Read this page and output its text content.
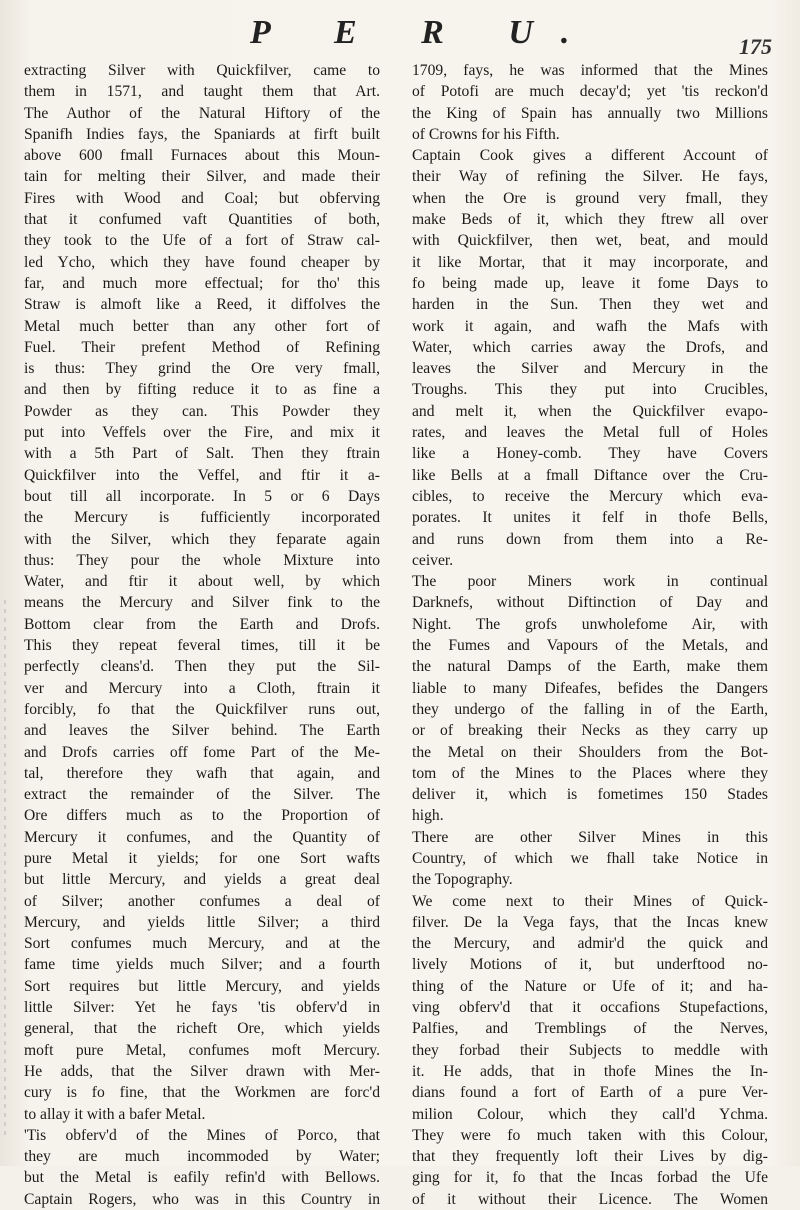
P E R U.	175
extracting Silver with Quickfilver, came to
them in 1571, and taught them that Art.
The Author of the Natural Hiftory of the
Spanifh Indies fays, the Spaniards at firft built
above 600 fmall Furnaces about this Moun-
tain for melting their Silver, and made their
Fires with Wood and Coal; but obferving
that it confumed vaft Quantities of both,
they took to the Ufe of a fort of Straw cal-
led Ycho, which they have found cheaper by
far, and much more effectual; for tho' this
Straw is almoft like a Reed, it diffolves the
Metal much better than any other fort of
Fuel. Their prefent Method of Refining
is thus: They grind the Ore very fmall,
and then by fifting reduce it to as fine a
Powder as they can. This Powder they
put into Veffels over the Fire, and mix it
with a 5th Part of Salt. Then they ftrain
Quickfilver into the Veffel, and ftir it a-
bout till all incorporate. In 5 or 6 Days
the Mercury is fufficiently incorporated
with the Silver, which they feparate again
thus: They pour the whole Mixture into
Water, and ftir it about well, by which
means the Mercury and Silver fink to the
Bottom clear from the Earth and Drofs.
This they repeat feveral times, till it be
perfectly cleans'd. Then they put the Sil-
ver and Mercury into a Cloth, ftrain it
forcibly, fo that the Quickfilver runs out,
and leaves the Silver behind. The Earth
and Drofs carries off fome Part of the Me-
tal, therefore they wafh that again, and
extract the remainder of the Silver. The
Ore differs much as to the Proportion of
Mercury it confumes, and the Quantity of
pure Metal it yields; for one Sort wafts
but little Mercury, and yields a great deal
of Silver; another confumes a deal of
Mercury, and yields little Silver; a third
Sort confumes much Mercury, and at the
fame time yields much Silver; and a fourth
Sort requires but little Mercury, and yields
little Silver: Yet he fays 'tis obferv'd in
general, that the richeft Ore, which yields
moft pure Metal, confumes moft Mercury.
He adds, that the Silver drawn with Mer-
cury is fo fine, that the Workmen are forc'd
to allay it with a bafer Metal.
'Tis obferv'd of the Mines of Porco, that
they are much incommoded by Water;
but the Metal is eafily refin'd with Bellows.
Captain Rogers, who was in this Country in
1709, fays, he was informed that the Mines
of Potofi are much decay'd; yet 'tis reckon'd
the King of Spain has annually two Millions
of Crowns for his Fifth.
Captain Cook gives a different Account of
their Way of refining the Silver. He fays,
when the Ore is ground very fmall, they
make Beds of it, which they ftrew all over
with Quickfilver, then wet, beat, and mould
it like Mortar, that it may incorporate, and
fo being made up, leave it fome Days to
harden in the Sun. Then they wet and
work it again, and wafh the Mafs with
Water, which carries away the Drofs, and
leaves the Silver and Mercury in the
Troughs. This they put into Crucibles,
and melt it, when the Quickfilver evapo-
rates, and leaves the Metal full of Holes
like a Honey-comb. They have Covers
like Bells at a fmall Diftance over the Cru-
cibles, to receive the Mercury which eva-
porates. It unites it felf in thofe Bells,
and runs down from them into a Re-
ceiver.
The poor Miners work in continual
Darknefs, without Diftinction of Day and
Night. The grofs unwholefome Air, with
the Fumes and Vapours of the Metals, and
the natural Damps of the Earth, make them
liable to many Difeafes, befides the Dangers
they undergo of the falling in of the Earth,
or of breaking their Necks as they carry up
the Metal on their Shoulders from the Bot-
tom of the Mines to the Places where they
deliver it, which is fometimes 150 Stades
high.
There are other Silver Mines in this
Country, of which we fhall take Notice in
the Topography.
We come next to their Mines of Quick-
filver. De la Vega fays, that the Incas knew
the Mercury, and admir'd the quick and
lively Motions of it, but underftood no-
thing of the Nature or Ufe of it; and ha-
ving obferv'd that it occafions Stupefactions,
Palfies, and Tremblings of the Nerves,
they forbad their Subjects to meddle with
it. He adds, that in thofe Mines the In-
dians found a fort of Earth of a pure Ver-
milion Colour, which they call'd Ychma.
They were fo much taken with this Colour,
that they frequently loft their Lives by dig-
ging for it, fo that the Incas forbad the Ufe
of it without their Licence. The Women
